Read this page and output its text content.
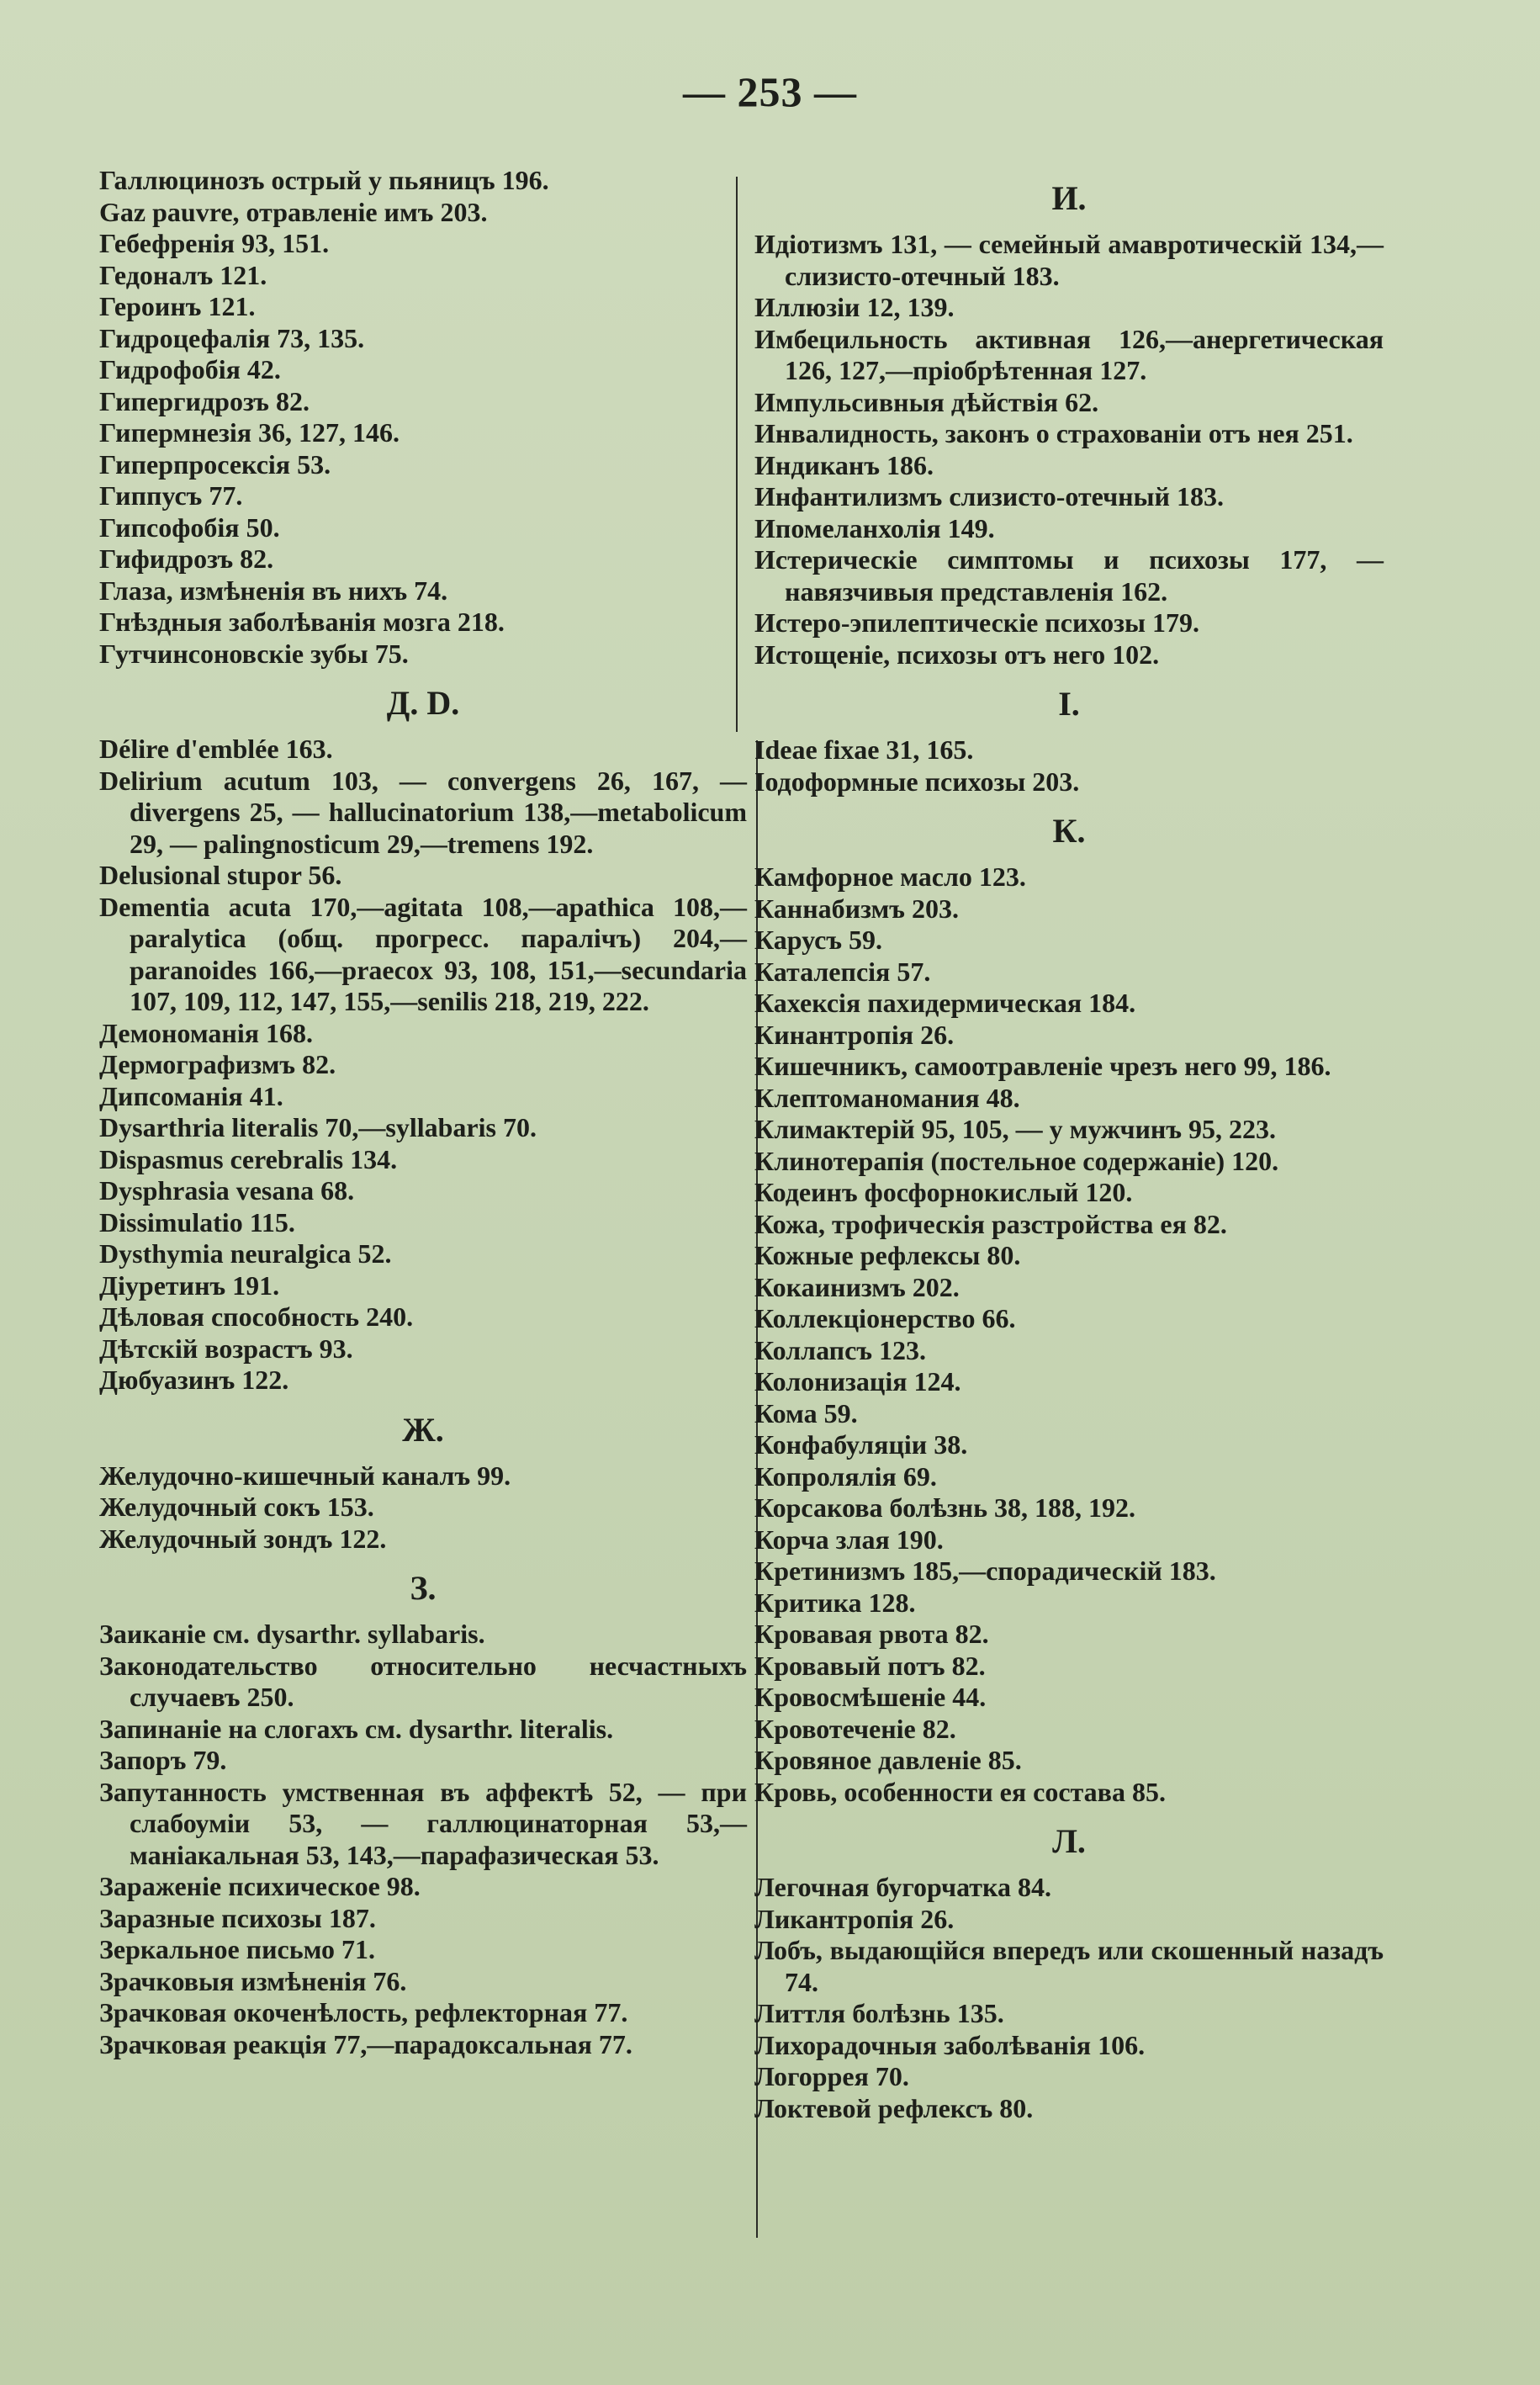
— 253 —
Галлюцинозъ острый у пьяницъ 196.
Gaz pauvre, отравленіе имъ 203.
Гебефренія 93, 151.
Гедоналъ 121.
Героинъ 121.
Гидроцефалія 73, 135.
Гидрофобія 42.
Гипергидрозъ 82.
Гипермнезія 36, 127, 146.
Гиперпросексія 53.
Гиппусъ 77.
Гипсофобія 50.
Гифидрозъ 82.
Глаза, измѣненія въ нихъ 74.
Гнѣздныя заболѣванія мозга 218.
Гутчинсоновскіе зубы 75.
Д. D.
Délire d'emblée 163.
Delirium acutum 103, — convergens 26, 167, — divergens 25, — hallucinatorium 138,—metabolicum 29, — palingnosticum 29,—tremens 192.
Delusional stupor 56.
Dementia acuta 170,—agitata 108,—apathica 108,—paralytica (общ. прогресс. паралічъ) 204,—paranoides 166,—praecox 93, 108, 151,—secundaria 107, 109, 112, 147, 155,—senilis 218, 219, 222.
Демономанія 168.
Дермографизмъ 82.
Дипсоманія 41.
Dysarthria literalis 70,—syllabaris 70.
Dispasmus cerebralis 134.
Dysphrasia vesana 68.
Dissimulatio 115.
Dysthymia neuralgica 52.
Діуретинъ 191.
Дѣловая способность 240.
Дѣтскій возрастъ 93.
Дюбуазинъ 122.
Ж.
Желудочно-кишечный каналъ 99.
Желудочный сокъ 153.
Желудочный зондъ 122.
З.
Заиканіе см. dysarthr. syllabaris.
Законодательство относительно несчастныхъ случаевъ 250.
Запинаніе на слогахъ см. dysarthr. literalis.
Запоръ 79.
Запутанность умственная въ аффектѣ 52, — при слабоуміи 53, — галлюцинаторная 53,—маніакальная 53, 143,—парафазическая 53.
Зараженіе психическое 98.
Заразные психозы 187.
Зеркальное письмо 71.
Зрачковыя измѣненія 76.
Зрачковая окоченѣлость, рефлекторная 77.
Зрачковая реакція 77,—парадоксальная 77.
И.
Идіотизмъ 131, — семейный амавротическій 134,—слизисто-отечный 183.
Иллюзіи 12, 139.
Имбецильность активная 126,—анергетическая 126, 127,—пріобрѣтенная 127.
Импульсивныя дѣйствія 62.
Инвалидность, законъ о страхованіи отъ нея 251.
Индиканъ 186.
Инфантилизмъ слизисто-отечный 183.
Ипомеланхолія 149.
Истерическіе симптомы и психозы 177, — навязчивыя представленія 162.
Истеро-эпилептическіе психозы 179.
Истощеніе, психозы отъ него 102.
I.
Ideae fixae 31, 165.
Іодоформные психозы 203.
К.
Камфорное масло 123.
Каннабизмъ 203.
Карусъ 59.
Каталепсія 57.
Кахексія пахидермическая 184.
Кинантропія 26.
Кишечникъ, самоотравленіе чрезъ него 99, 186.
Клептоманомания 48.
Климактерій 95, 105, — у мужчинъ 95, 223.
Клинотерапія (постельное содержаніе) 120.
Кодеинъ фосфорнокислый 120.
Кожа, трофическія разстройства ея 82.
Кожные рефлексы 80.
Кокаинизмъ 202.
Коллекціонерство 66.
Коллапсъ 123.
Колонизація 124.
Кома 59.
Конфабуляціи 38.
Копролялія 69.
Корсакова болѣзнь 38, 188, 192.
Корча злая 190.
Кретинизмъ 185,—спорадическій 183.
Критика 128.
Кровавая рвота 82.
Кровавый потъ 82.
Кровосмѣшеніе 44.
Кровотеченіе 82.
Кровяное давленіе 85.
Кровь, особенности ея состава 85.
Л.
Легочная бугорчатка 84.
Ликантропія 26.
Лобъ, выдающійся впередъ или скошенный назадъ 74.
Литтля болѣзнь 135.
Лихорадочныя заболѣванія 106.
Логоррея 70.
Локтевой рефлексъ 80.
